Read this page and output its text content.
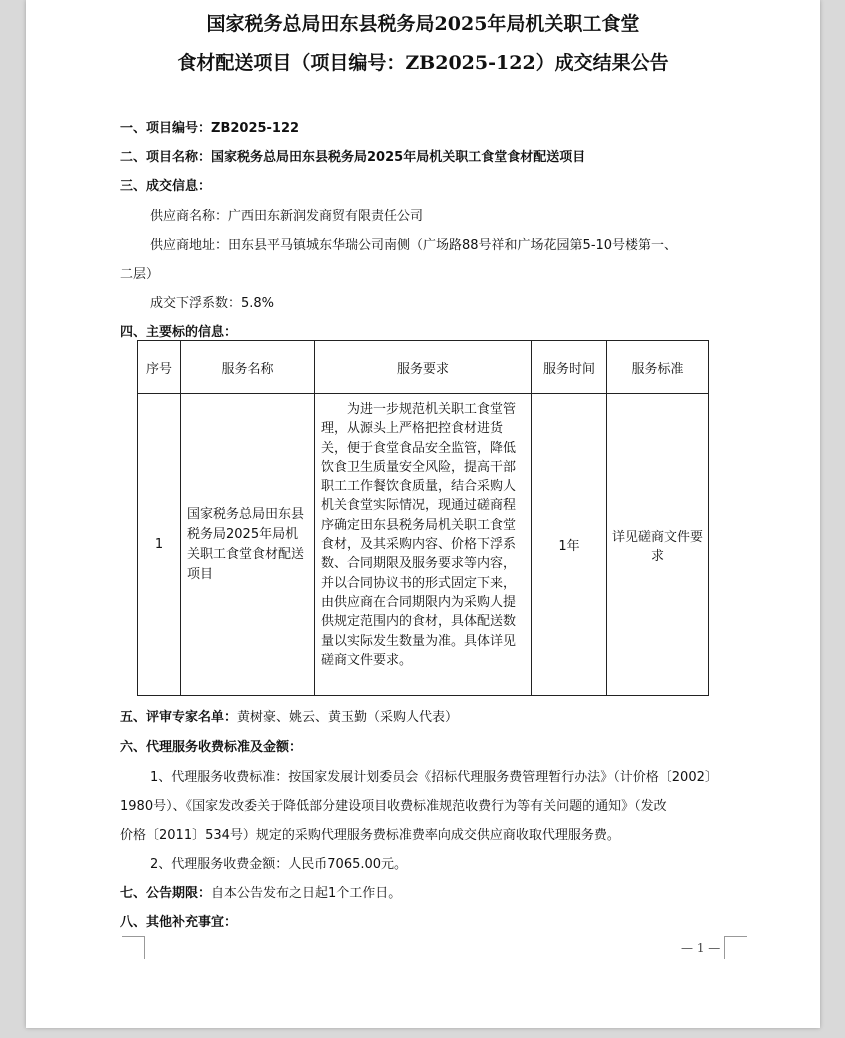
国家税务总局田东县税务局2025年局机关职工食堂
食材配送项目（项目编号：ZB2025-122）成交结果公告
一、项目编号：ZB2025-122
二、项目名称：国家税务总局田东县税务局2025年局机关职工食堂食材配送项目
三、成交信息：
供应商名称：广西田东新润发商贸有限责任公司
供应商地址：田东县平马镇城东华瑞公司南侧（广场路88号祥和广场花园第5-10号楼第一、
二层）
成交下浮系数：5.8%
四、主要标的信息：
序号	服务名称	服务要求	服务时间	服务标准
1	国家税务总局田东县税务局2025年局机关职工食堂食材配送项目	为进一步规范机关职工食堂管理，从源头上严格把控食材进货关，便于食堂食品安全监管，降低饮食卫生质量安全风险，提高干部职工工作餐饮食质量，结合采购人机关食堂实际情况，现通过磋商程序确定田东县税务局机关职工食堂食材，及其采购内容、价格下浮系数、合同期限及服务要求等内容，并以合同协议书的形式固定下来，由供应商在合同期限内为采购人提供规定范围内的食材，具体配送数量以实际发生数量为准。具体详见磋商文件要求。	1年	详见磋商文件要求
五、评审专家名单：黄树豪、姚云、黄玉勤（采购人代表）
六、代理服务收费标准及金额：
1、代理服务收费标准：按国家发展计划委员会《招标代理服务费管理暂行办法》（计价格〔2002〕
1980号）、《国家发改委关于降低部分建设项目收费标准规范收费行为等有关问题的通知》（发改
价格〔2011〕534号）规定的采购代理服务费标准费率向成交供应商收取代理服务费。
2、代理服务收费金额：人民币7065.00元。
七、公告期限：自本公告发布之日起1个工作日。
八、其他补充事宜：
— 1 —
